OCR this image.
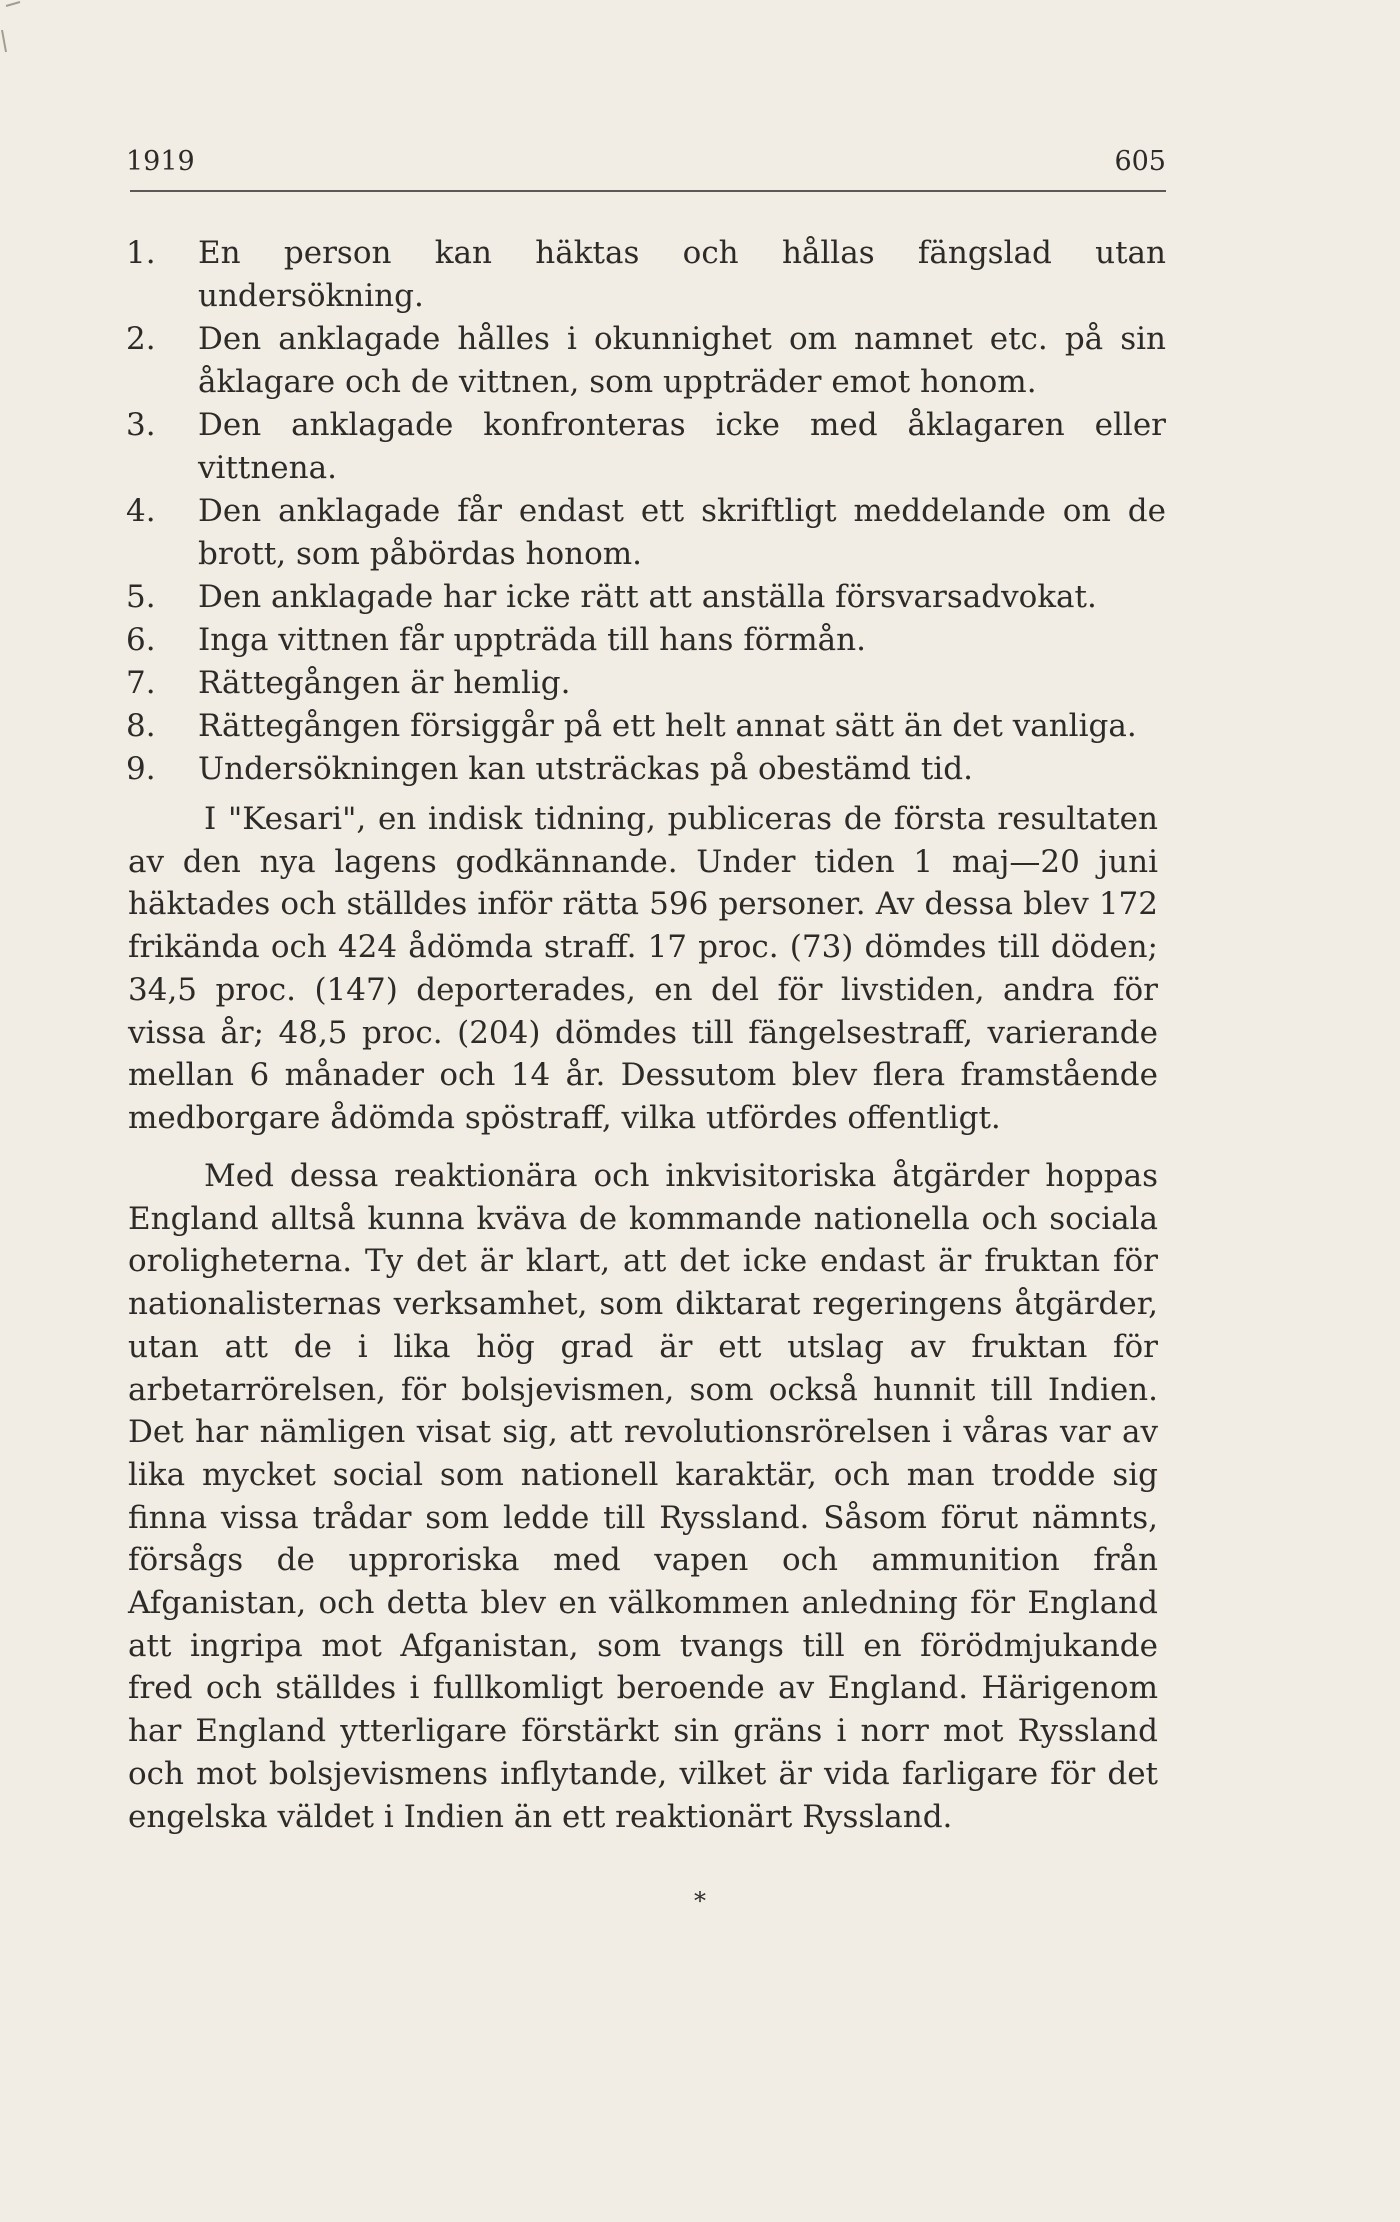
1919	605
1.	En person kan häktas och hållas fängslad utan undersökning.
2.	Den anklagade hålles i okunnighet om namnet etc. på sin åklagare och de vittnen, som uppträder emot honom.
3.	Den anklagade konfronteras icke med åklagaren eller vittnena.
4.	Den anklagade får endast ett skriftligt meddelande om de brott, som påbördas honom.
5.	Den anklagade har icke rätt att anställa försvarsadvokat.
6.	Inga vittnen får uppträda till hans förmån.
7.	Rättegången är hemlig.
8.	Rättegången försiggår på ett helt annat sätt än det vanliga.
9.	Undersökningen kan utsträckas på obestämd tid.

I "Kesari", en indisk tidning, publiceras de första resultaten av den nya lagens godkännande. Under tiden 1 maj—20 juni häktades och ställdes inför rätta 596 personer. Av dessa blev 172 frikända och 424 ådömda straff. 17 proc. (73) dömdes till döden; 34,5 proc. (147) deporterades, en del för livstiden, andra för vissa år; 48,5 proc. (204) dömdes till fängelsestraff, varierande mellan 6 månader och 14 år. Dessutom blev flera framstående medborgare ådömda spöstraff, vilka utfördes offentligt.

Med dessa reaktionära och inkvisitoriska åtgärder hoppas England alltså kunna kväva de kommande nationella och sociala oroligheterna. Ty det är klart, att det icke endast är fruktan för nationalisternas verksamhet, som diktarat regeringens åtgärder, utan att de i lika hög grad är ett utslag av fruktan för arbetarrörelsen, för bolsjevismen, som också hunnit till Indien. Det har nämligen visat sig, att revolutionsrörelsen i våras var av lika mycket social som nationell karaktär, och man trodde sig finna vissa trådar som ledde till Ryssland. Såsom förut nämnts, försågs de upproriska med vapen och ammunition från Afganistan, och detta blev en välkommen anledning för England att ingripa mot Afganistan, som tvangs till en förödmjukande fred och ställdes i fullkomligt beroende av England. Härigenom har England ytterligare förstärkt sin gräns i norr mot Ryssland och mot bolsjevismens inflytande, vilket är vida farligare för det engelska väldet i Indien än ett reaktionärt Ryssland.

*
